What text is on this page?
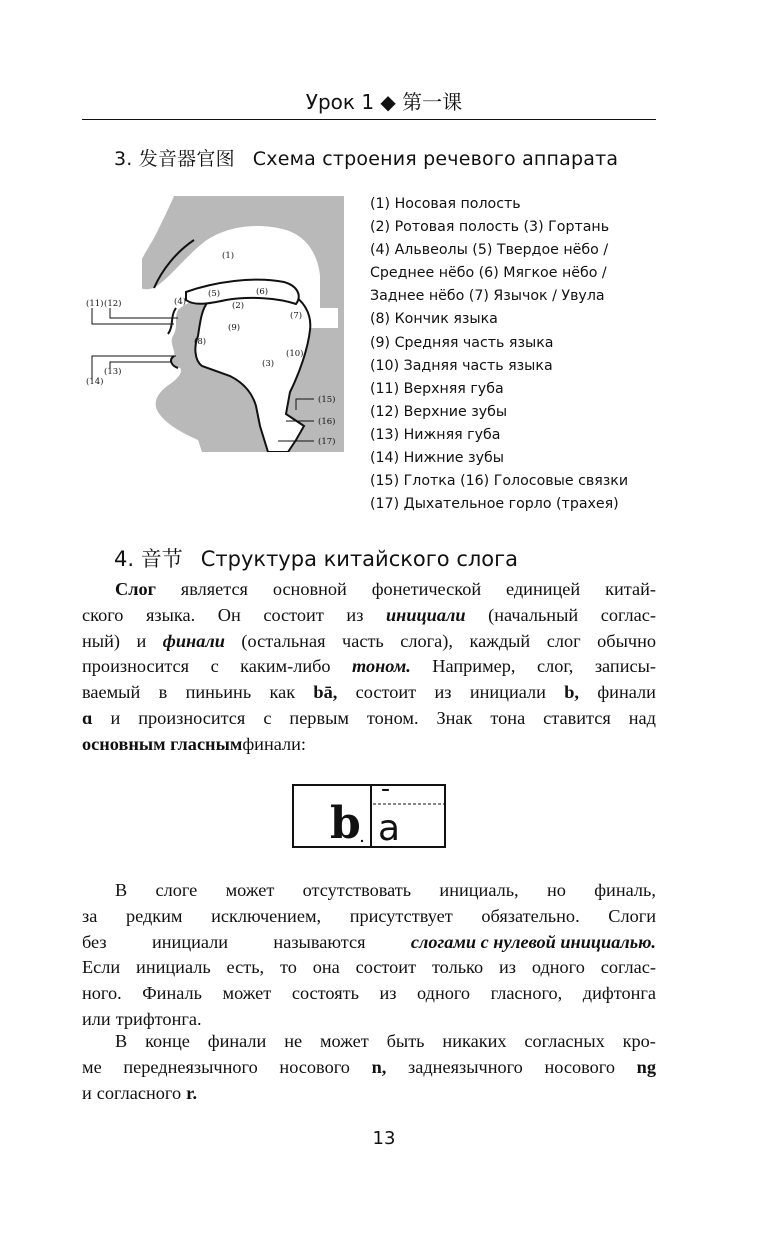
Урок 1 ◆ 第一课
3. 发音器官图 Схема строения речевого аппарата
(1)
(2)
(3)
(4)
(5)	(6)
(7)
(8)
(9)
(11) (12)
(13)
(14)
(10)
(15)
(16)
(17)
(1) Носовая полость
(2) Ротовая полость (3) Гортань
(4) Альвеолы (5) Твердое нёбо /
Среднее нёбо (6) Мягкое нёбо /
Заднее нёбо (7) Язычок / Увула
(8) Кончик языка
(9) Средняя часть языка
(10) Задняя часть языка
(11) Верхняя губа
(12) Верхние зубы
(13) Нижняя губа
(14) Нижние зубы
(15) Глотка (16) Голосовые связки
(17) Дыхательное горло (трахея)
4. 音节 Структура китайского слога
Слог является основной фонетической единицей китай-
ского языка. Он состоит из инициали (начальный соглас-
ный) и финали (остальная часть слога), каждый слог обычно
произносится с каким-либо тоном. Например, слог, записы-
ваемый в пиньинь как bā, состоит из инициали b, финали
ɑ и произносится с первым тоном. Знак тона ставится над
основным гласным финали:
b a
¯
В слоге может отсутствовать инициаль, но финаль,
за редким исключением, присутствует обязательно. Слоги
без инициали называются слогами с нулевой инициалью.
Если инициаль есть, то она состоит только из одного соглас-
ного. Финаль может состоять из одного гласного, дифтонга
или трифтонга.
В конце финали не может быть никаких согласных кро-
ме переднеязычного носового n, заднеязычного носового ng
и согласного r.
13
